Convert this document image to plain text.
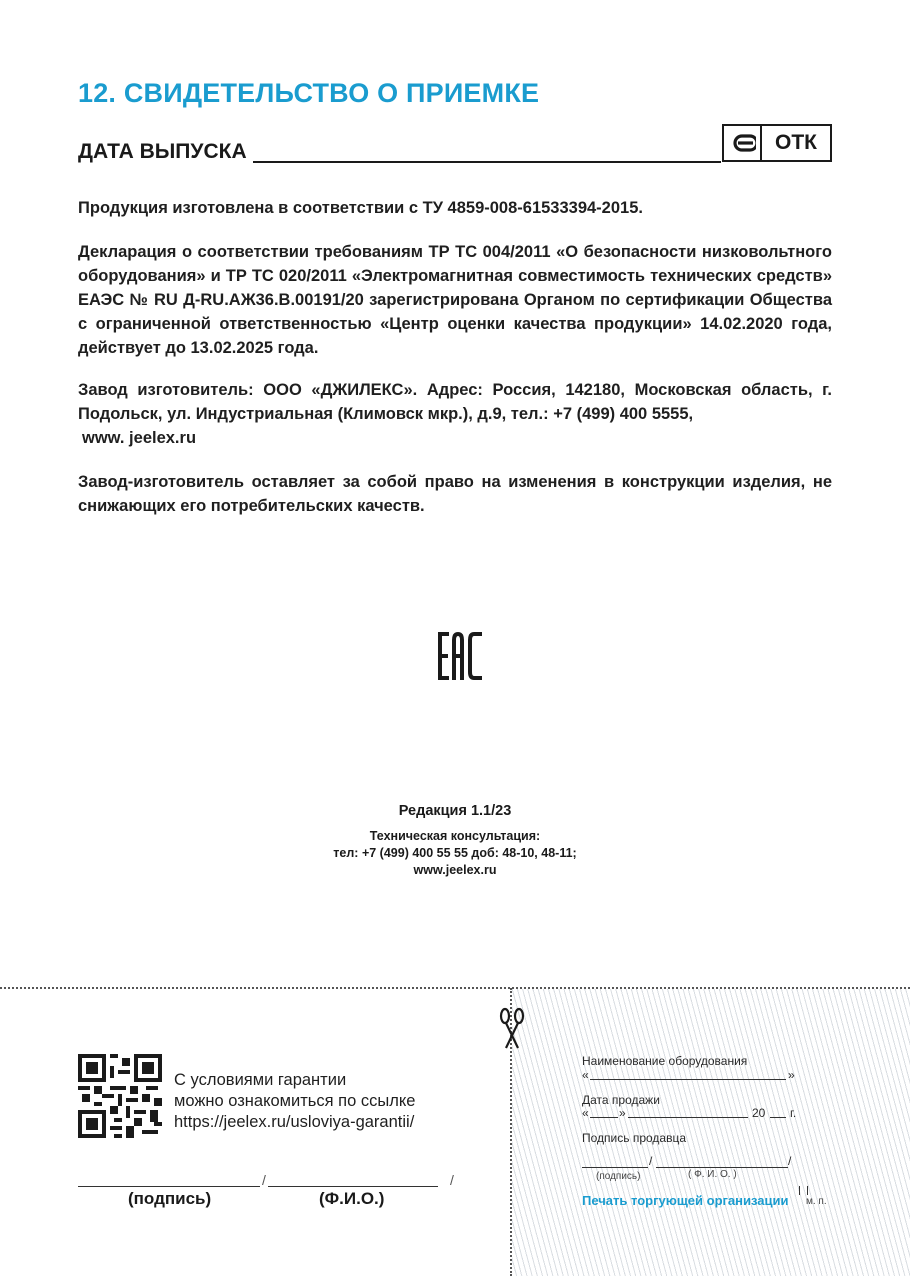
12. СВИДЕТЕЛЬСТВО О ПРИЕМКЕ
ДАТА ВЫПУСКА	ОТК
Продукция изготовлена в соответствии с ТУ 4859-008-61533394-2015.
Декларация о соответствии требованиям ТР ТС 004/2011 «О безопасности низковольтного оборудования» и ТР ТС 020/2011 «Электромагнитная совместимость технических средств» ЕАЭС № RU Д-RU.АЖ36.В.00191/20 зарегистрирована Органом по сертификации Общества с ограниченной ответственностью «Центр оценки качества продукции» 14.02.2020 года, действует до 13.02.2025 года.
Завод изготовитель: ООО «ДЖИЛЕКС». Адрес: Россия, 142180, Московская область, г. Подольск, ул. Индустриальная (Климовск мкр.), д.9, тел.: +7 (499) 400 5555,
www. jeelex.ru
Завод-изготовитель оставляет за собой право на изменения в конструкции изделия, не снижающих его потребительских качеств.
Редакция 1.1/23
Техническая консультация:
тел: +7 (499) 400 55 55 доб: 48-10, 48-11;
www.jeelex.ru
С условиями гарантии
можно ознакомиться по ссылке
https://jeelex.ru/usloviya-garantii/
/	/
(подпись)	(Ф.И.О.)
Наименование оборудования
«	»
Дата продажи
«	»	20 г.
Подпись продавца
/	/
(подпись)	( Ф. И. О. )
Печать торгующей организации м. п.
